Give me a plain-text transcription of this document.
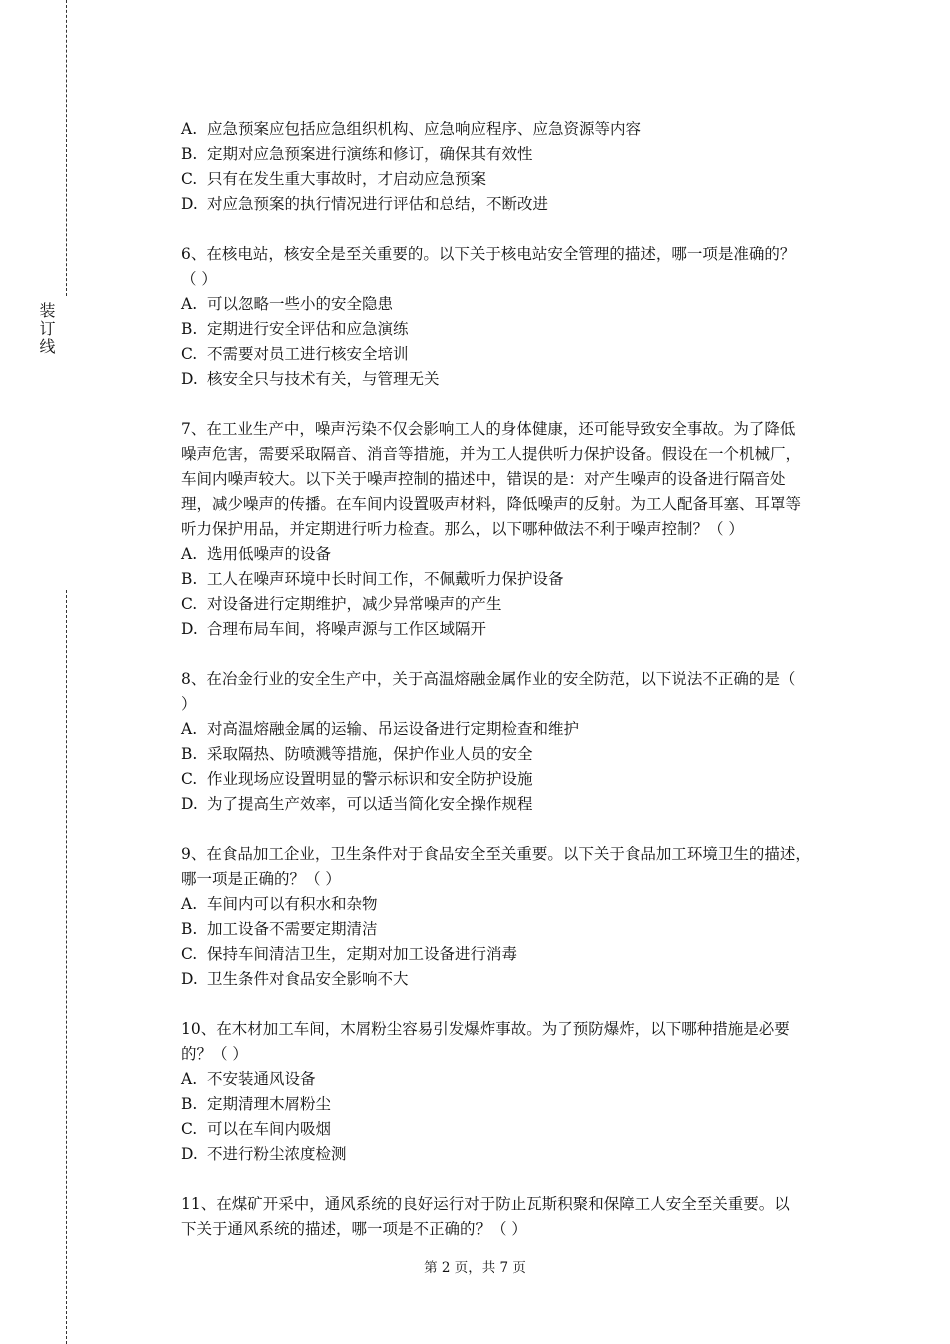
装订线

A. 应急预案应包括应急组织机构、应急响应程序、应急资源等内容

B. 定期对应急预案进行演练和修订，确保其有效性

C. 只有在发生重大事故时，才启动应急预案

D. 对应急预案的执行情况进行评估和总结，不断改进

6、在核电站，核安全是至关重要的。以下关于核电站安全管理的描述，哪一项是准确的？

（ ）

A. 可以忽略一些小的安全隐患

B. 定期进行安全评估和应急演练

C. 不需要对员工进行核安全培训

D. 核安全只与技术有关，与管理无关

7、在工业生产中，噪声污染不仅会影响工人的身体健康，还可能导致安全事故。为了降低

噪声危害，需要采取隔音、消音等措施，并为工人提供听力保护设备。假设在一个机械厂，

车间内噪声较大。以下关于噪声控制的描述中，错误的是：对产生噪声的设备进行隔音处

理，减少噪声的传播。在车间内设置吸声材料，降低噪声的反射。为工人配备耳塞、耳罩等

听力保护用品，并定期进行听力检查。那么，以下哪种做法不利于噪声控制？（ ）

A. 选用低噪声的设备

B. 工人在噪声环境中长时间工作，不佩戴听力保护设备

C. 对设备进行定期维护，减少异常噪声的产生

D. 合理布局车间，将噪声源与工作区域隔开

8、在冶金行业的安全生产中，关于高温熔融金属作业的安全防范，以下说法不正确的是（

）

A. 对高温熔融金属的运输、吊运设备进行定期检查和维护

B. 采取隔热、防喷溅等措施，保护作业人员的安全

C. 作业现场应设置明显的警示标识和安全防护设施

D. 为了提高生产效率，可以适当简化安全操作规程

9、在食品加工企业，卫生条件对于食品安全至关重要。以下关于食品加工环境卫生的描述，

哪一项是正确的？（ ）

A. 车间内可以有积水和杂物

B. 加工设备不需要定期清洁

C. 保持车间清洁卫生，定期对加工设备进行消毒

D. 卫生条件对食品安全影响不大

10、在木材加工车间，木屑粉尘容易引发爆炸事故。为了预防爆炸，以下哪种措施是必要

的？（ ）

A. 不安装通风设备

B. 定期清理木屑粉尘

C. 可以在车间内吸烟

D. 不进行粉尘浓度检测

11、在煤矿开采中，通风系统的良好运行对于防止瓦斯积聚和保障工人安全至关重要。以

下关于通风系统的描述，哪一项是不正确的？（ ）

第 2 页，共 7 页
